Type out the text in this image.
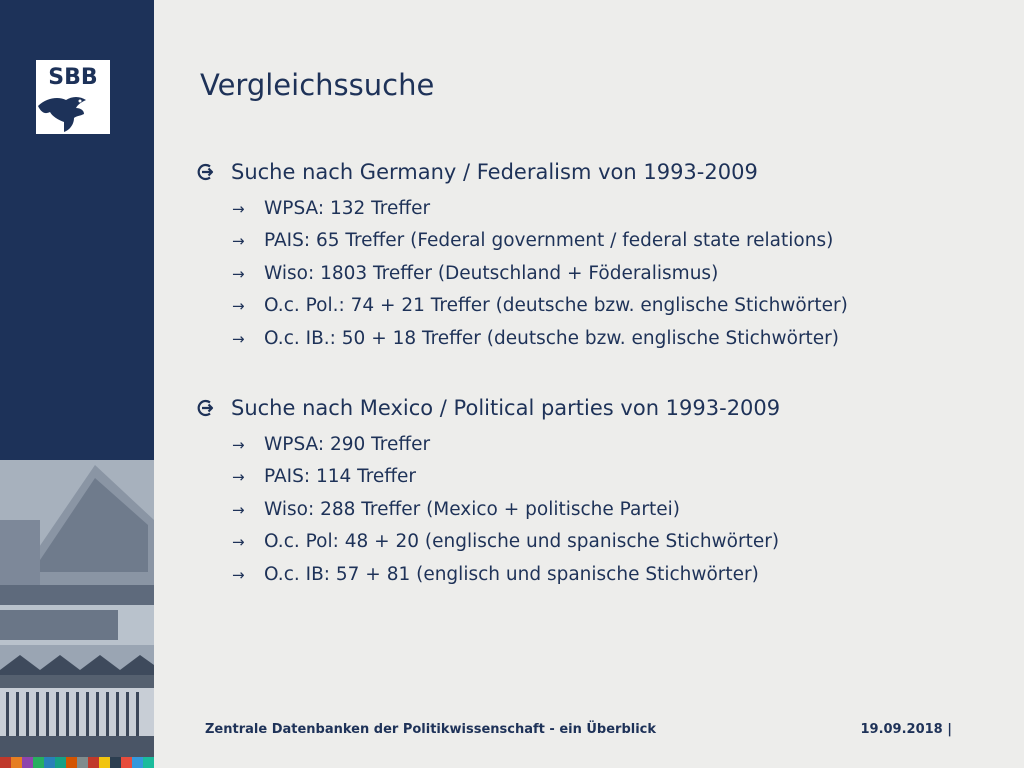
SBB	Vergleichssuche
Suche nach Germany / Federalism von 1993-2009
→ WPSA: 132 Treffer
→ PAIS: 65 Treffer (Federal government / federal state relations)
→ Wiso: 1803 Treffer (Deutschland + Föderalismus)
→ O.c. Pol.: 74 + 21 Treffer (deutsche bzw. englische Stichwörter)
→ O.c. IB.: 50 + 18 Treffer (deutsche bzw. englische Stichwörter)
Suche nach Mexico / Political parties von 1993-2009
→ WPSA: 290 Treffer
→ PAIS: 114 Treffer
→ Wiso: 288 Treffer (Mexico + politische Partei)
→ O.c. Pol: 48 + 20 (englische und spanische Stichwörter)
→ O.c. IB: 57 + 81 (englisch und spanische Stichwörter)
Zentrale Datenbanken der Politikwissenschaft - ein Überblick	19.09.2018 |
